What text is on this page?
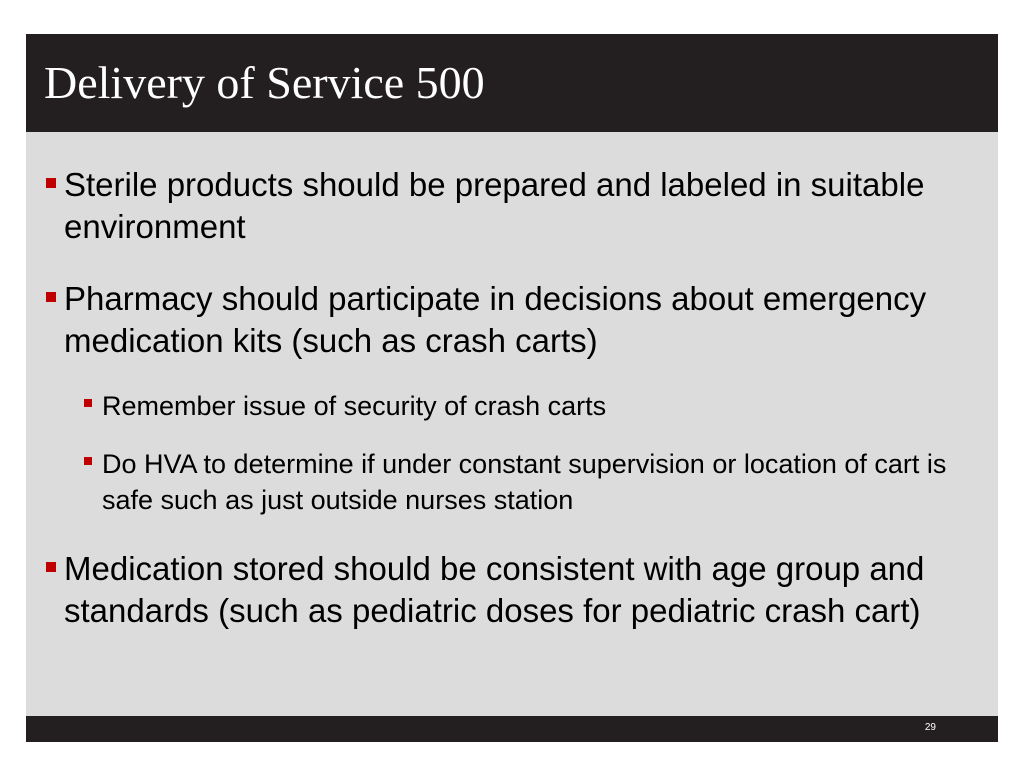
Delivery of Service 500

Sterile products should be prepared and labeled in suitable environment

Pharmacy should participate in decisions about emergency medication kits (such as crash carts)

Remember issue of security of crash carts

Do HVA to determine if under constant supervision or location of cart is safe such as just outside nurses station

Medication stored should be consistent with age group and standards (such as pediatric doses for pediatric crash cart)

29
